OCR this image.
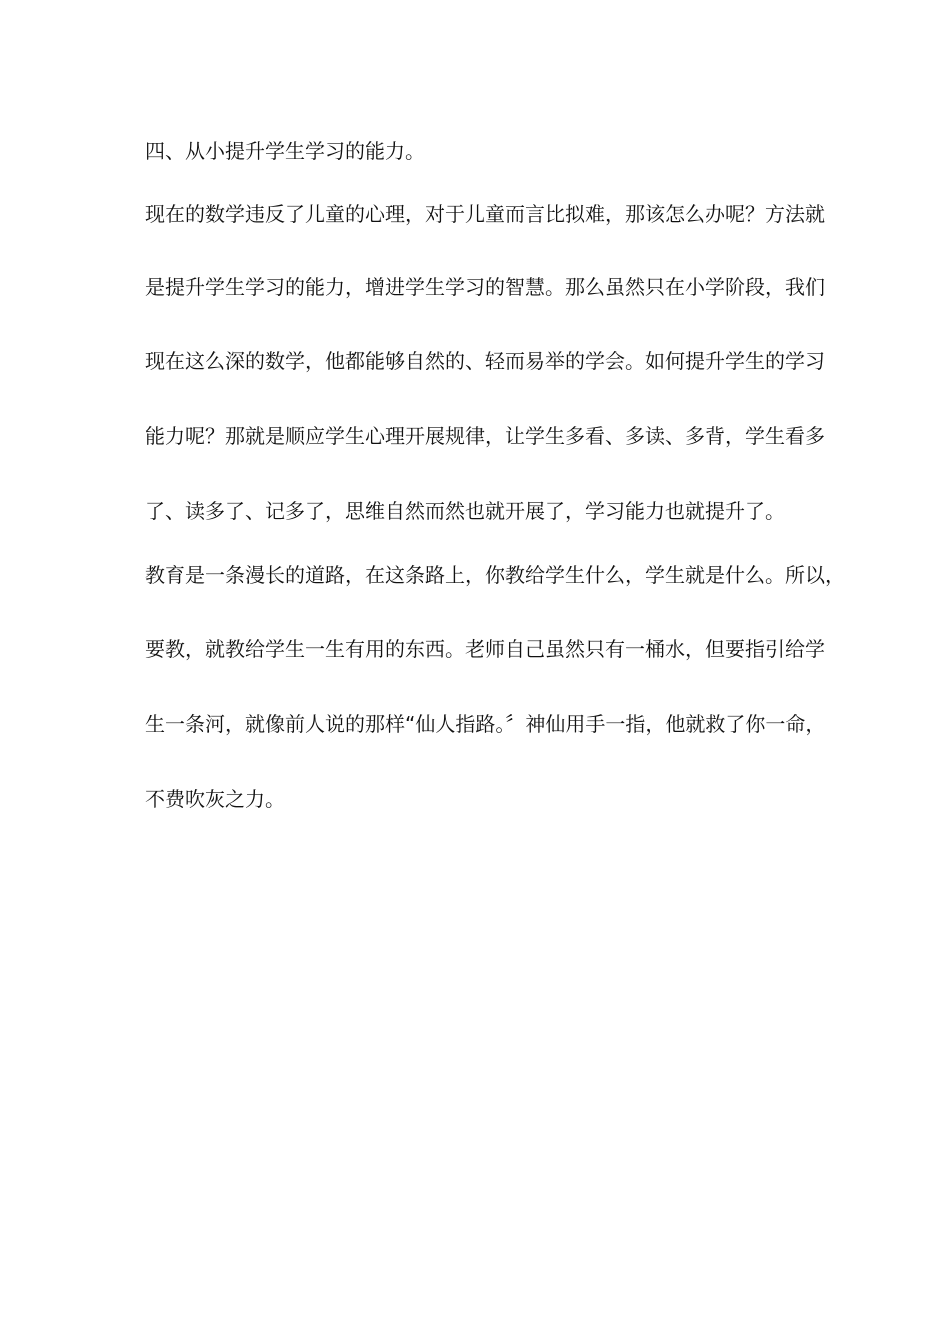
四、从小提升学生学习的能力。
现在的数学违反了儿童的心理，对于儿童而言比拟难，那该怎么办呢？方法就
是提升学生学习的能力，增进学生学习的智慧。那么虽然只在小学阶段，我们
现在这么深的数学，他都能够自然的、轻而易举的学会。如何提升学生的学习
能力呢？那就是顺应学生心理开展规律，让学生多看、多读、多背，学生看多
了、读多了、记多了，思维自然而然也就开展了，学习能力也就提升了。
教育是一条漫长的道路，在这条路上，你教给学生什么，学生就是什么。所以，
要教，就教给学生一生有用的东西。老师自己虽然只有一桶水，但要指引给学
生一条河，就像前人说的那样“仙人指路。〞神仙用手一指，他就救了你一命，
不费吹灰之力。
